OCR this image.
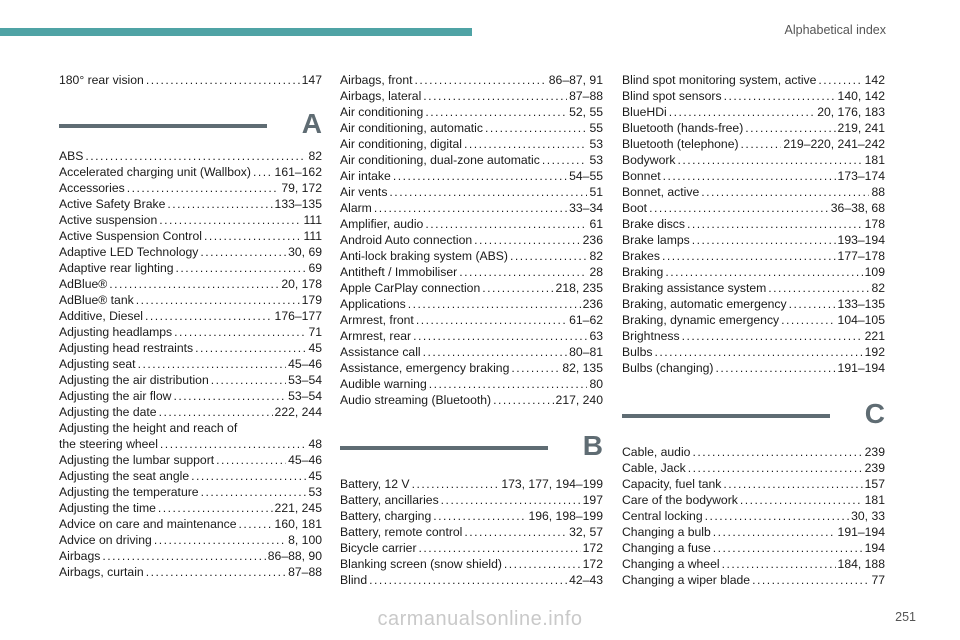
Alphabetical index
180° rear vision .....	147
A
ABS .....	82
Accelerated charging unit (Wallbox) ..... 161–162
Accessories .....	79, 172
Active Safety Brake .....	133–135
Active suspension .....	111
Active Suspension Control .....	111
Adaptive LED Technology .....	30, 69
Adaptive rear lighting .....	69
AdBlue® .....	20, 178
AdBlue® tank .....	179
Additive, Diesel .....	176–177
Adjusting headlamps .....	71
Adjusting head restraints .....	45
Adjusting seat .....	45–46
Adjusting the air distribution .....	53–54
Adjusting the air flow .....	53–54
Adjusting the date .....	222, 244
Adjusting the height and reach of
the steering wheel .....	48
Adjusting the lumbar support .....	45–46
Adjusting the seat angle .....	45
Adjusting the temperature .....	53
Adjusting the time .....	221, 245
Advice on care and maintenance .....	160, 181
Advice on driving .....	8, 100
Airbags .....	86–88, 90
Airbags, curtain .....	87–88
Airbags, front .....	86–87, 91
Airbags, lateral .....	87–88
Air conditioning .....	52, 55
Air conditioning, automatic .....	55
Air conditioning, digital .....	53
Air conditioning, dual-zone automatic .....	53
Air intake .....	54–55
Air vents .....	51
Alarm .....	33–34
Amplifier, audio .....	61
Android Auto connection .....	236
Anti-lock braking system (ABS) .....	82
Antitheft / Immobiliser .....	28
Apple CarPlay connection .....	218, 235
Applications .....	236
Armrest, front .....	61–62
Armrest, rear .....	63
Assistance call .....	80–81
Assistance, emergency braking .....	82, 135
Audible warning .....	80
Audio streaming (Bluetooth) .....	217, 240
B
Battery, 12 V .....	173, 177, 194–199
Battery, ancillaries .....	197
Battery, charging .....	196, 198–199
Battery, remote control .....	32, 57
Bicycle carrier .....	172
Blanking screen (snow shield) .....	172
Blind .....	42–43
Blind spot monitoring system, active .....	142
Blind spot sensors .....	140, 142
BlueHDi .....	20, 176, 183
Bluetooth (hands-free) .....	219, 241
Bluetooth (telephone) .....	219–220, 241–242
Bodywork .....	181
Bonnet .....	173–174
Bonnet, active .....	88
Boot .....	36–38, 68
Brake discs .....	178
Brake lamps .....	193–194
Brakes .....	177–178
Braking .....	109
Braking assistance system .....	82
Braking, automatic emergency .....	133–135
Braking, dynamic emergency .....	104–105
Brightness .....	221
Bulbs .....	192
Bulbs (changing) .....	191–194
C
Cable, audio .....	239
Cable, Jack .....	239
Capacity, fuel tank .....	157
Care of the bodywork .....	181
Central locking .....	30, 33
Changing a bulb .....	191–194
Changing a fuse .....	194
Changing a wheel .....	184, 188
Changing a wiper blade .....	77
carmanualsonline.info	251
